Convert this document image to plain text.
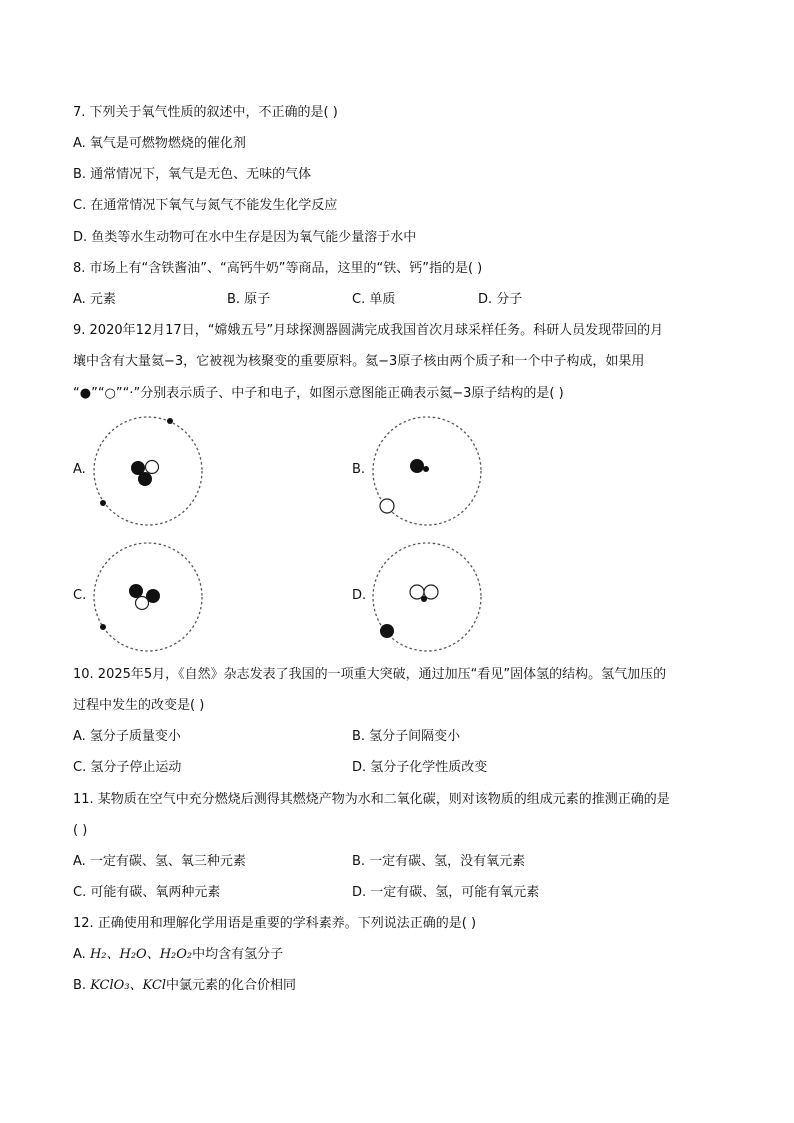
7. 下列关于氧气性质的叙述中，不正确的是( )
A. 氧气是可燃物燃烧的催化剂
B. 通常情况下，氧气是无色、无味的气体
C. 在通常情况下氧气与氮气不能发生化学反应
D. 鱼类等水生动物可在水中生存是因为氧气能少量溶于水中
8. 市场上有“含铁酱油”、“高钙牛奶”等商品，这里的“铁、钙”指的是( )
A. 元素	B. 原子	C. 单质	D. 分子
9. 2020年12月17日，“嫦娥五号”月球探测器圆满完成我国首次月球采样任务。科研人员发现带回的月
壤中含有大量氦−3，它被视为核聚变的重要原料。氦−3原子核由两个质子和一个中子构成，如果用
“●”“○”“·”分别表示质子、中子和电子，如图示意图能正确表示氦−3原子结构的是( )
A.	B.
C.	D.
10. 2025年5月，《自然》杂志发表了我国的一项重大突破，通过加压“看见”固体氢的结构。氢气加压的
过程中发生的改变是( )
A. 氢分子质量变小	B. 氢分子间隔变小
C. 氢分子停止运动	D. 氢分子化学性质改变
11. 某物质在空气中充分燃烧后测得其燃烧产物为水和二氧化碳，则对该物质的组成元素的推测正确的是
( )
A. 一定有碳、氢、氧三种元素	B. 一定有碳、氢，没有氧元素
C. 可能有碳、氧两种元素	D. 一定有碳、氢，可能有氧元素
12. 正确使用和理解化学用语是重要的学科素养。下列说法正确的是( )
A. H₂、H₂O、H₂O₂中均含有氢分子
B. KClO₃、KCl中氯元素的化合价相同
